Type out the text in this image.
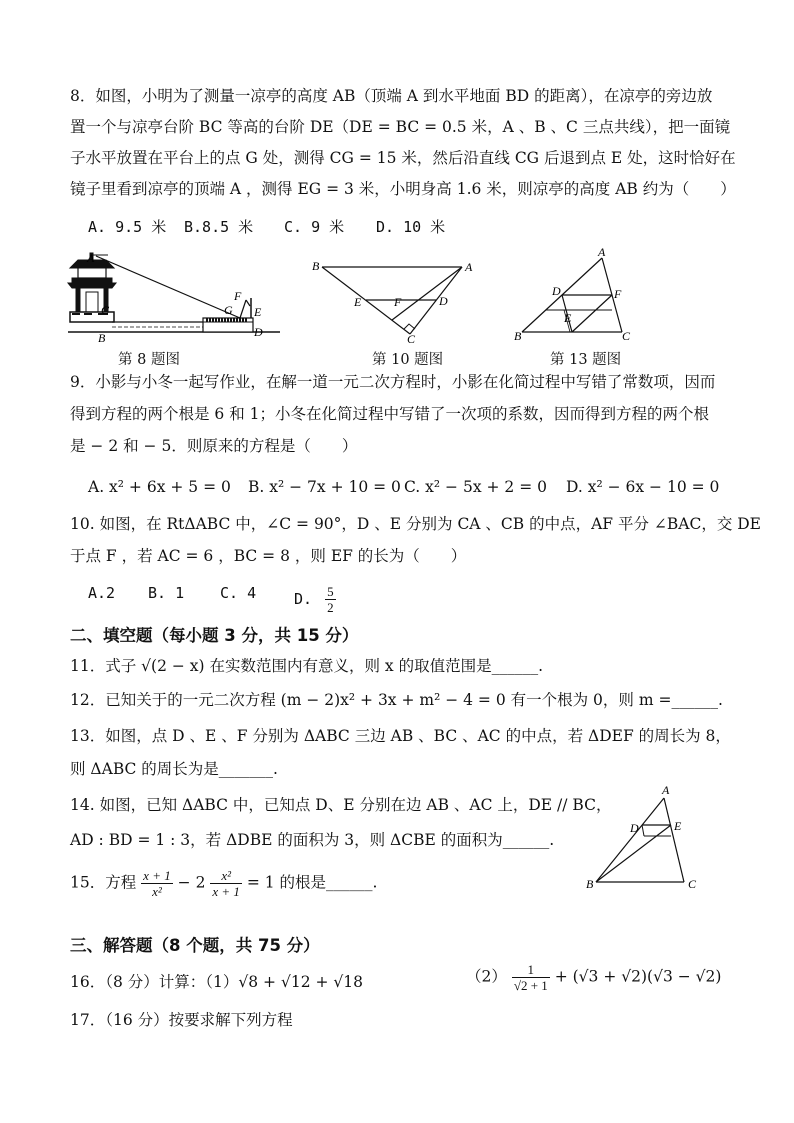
8．如图，小明为了测量一凉亭的高度 AB（顶端 A 到水平地面 BD 的距离），在凉亭的旁边放
置一个与凉亭台阶 BC 等高的台阶 DE（DE = BC = 0.5 米，A 、B 、C 三点共线），把一面镜
子水平放置在平台上的点 G 处，测得 CG = 15 米，然后沿直线 CG 后退到点 E 处，这时恰好在
镜子里看到凉亭的顶端 A ，测得 EG = 3 米，小明身高 1.6 米，则凉亭的高度 AB 约为（　　）
A. 9.5 米 B.8.5 米 C. 9 米 D. 10 米
A
F
G E
D
C
B
第 8 题图
B	A
E	F	D
C
第 10 题图
A
D	F
E
B	C
第 13 题图
9．小影与小冬一起写作业，在解一道一元二次方程时，小影在化简过程中写错了常数项，因而
得到方程的两个根是 6 和 1；小冬在化简过程中写错了一次项的系数，因而得到方程的两个根
是 − 2 和 − 5．则原来的方程是（　　）
A. x² + 6x + 5 = 0 B. x² − 7x + 10 = 0 C. x² − 5x + 2 = 0 D. x² − 6x − 10 = 0
10. 如图，在 RtΔABC 中，∠C = 90°，D 、E 分别为 CA 、CB 的中点，AF 平分 ∠BAC，交 DE
于点 F ，若 AC = 6 ，BC = 8 ，则 EF 的长为（　　）
A.2 B. 1 C. 4	D. $\frac{5}{2}$
二、填空题（每小题 3 分，共 15 分）
11．式子 √(2 − x) 在实数范围内有意义，则 x 的取值范围是______.
12．已知关于的一元二次方程 (m − 2)x² + 3x + m² − 4 = 0 有一个根为 0，则 m =______.
13．如图，点 D 、E 、F 分别为 ΔABC 三边 AB 、BC 、AC 的中点，若 ΔDEF 的周长为 8，
则 ΔABC 的周长为是_______.
14. 如图，已知 ΔABC 中，已知点 D、E 分别在边 AB 、AC 上，DE // BC，
AD : BD = 1 : 3，若 ΔDBE 的面积为 3，则 ΔCBE 的面积为______.
A
D	E
B	C
15．方程 $\frac{x + 1}{\text{x²}} - 2 \frac{\text{x²}}{x + 1} = 1$ 的根是______.
三、解答题（8 个题，共 75 分）
16．（8 分）计算：（1）√8 + √12 + √18	$(2) \frac{1}{√2 + 1} + (√3 + √2)(√3 - √2)$
17．（16 分）按要求解下列方程
